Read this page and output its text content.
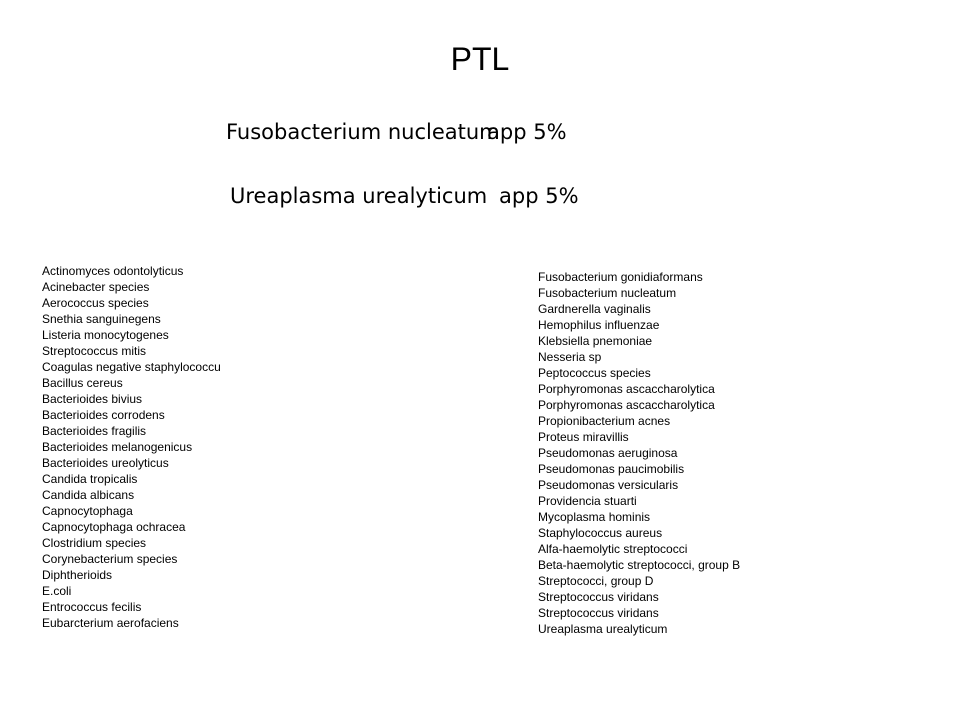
PTL

Fusobacterium nucleatum
app 5%

Ureaplasma urealyticum app 5%

Actinomyces odontolyticus
Acinebacter species
Aerococcus species
Snethia sanguinegens
Listeria monocytogenes
Streptococcus mitis
Coagulas negative staphylococcu
Bacillus cereus
Bacterioides bivius
Bacterioides corrodens
Bacterioides fragilis
Bacterioides melanogenicus
Bacterioides ureolyticus
Candida tropicalis
Candida albicans
Capnocytophaga
Capnocytophaga ochracea
Clostridium species
Corynebacterium species
Diphtherioids
E.coli
Entrococcus fecilis
Eubarcterium aerofaciens
Fusobacterium gonidiaformans
Fusobacterium nucleatum
Gardnerella vaginalis
Hemophilus influenzae
Klebsiella pnemoniae
Nesseria sp
Peptococcus species
Porphyromonas ascaccharolytica
Porphyromonas ascaccharolytica
Propionibacterium acnes
Proteus miravillis
Pseudomonas aeruginosa
Pseudomonas paucimobilis
Pseudomonas versicularis
Providencia stuarti
Mycoplasma hominis
Staphylococcus aureus
Alfa-haemolytic streptococci
Beta-haemolytic streptococci, group B
Streptococci, group D
Streptococcus viridans
Streptococcus viridans
Ureaplasma urealyticum
